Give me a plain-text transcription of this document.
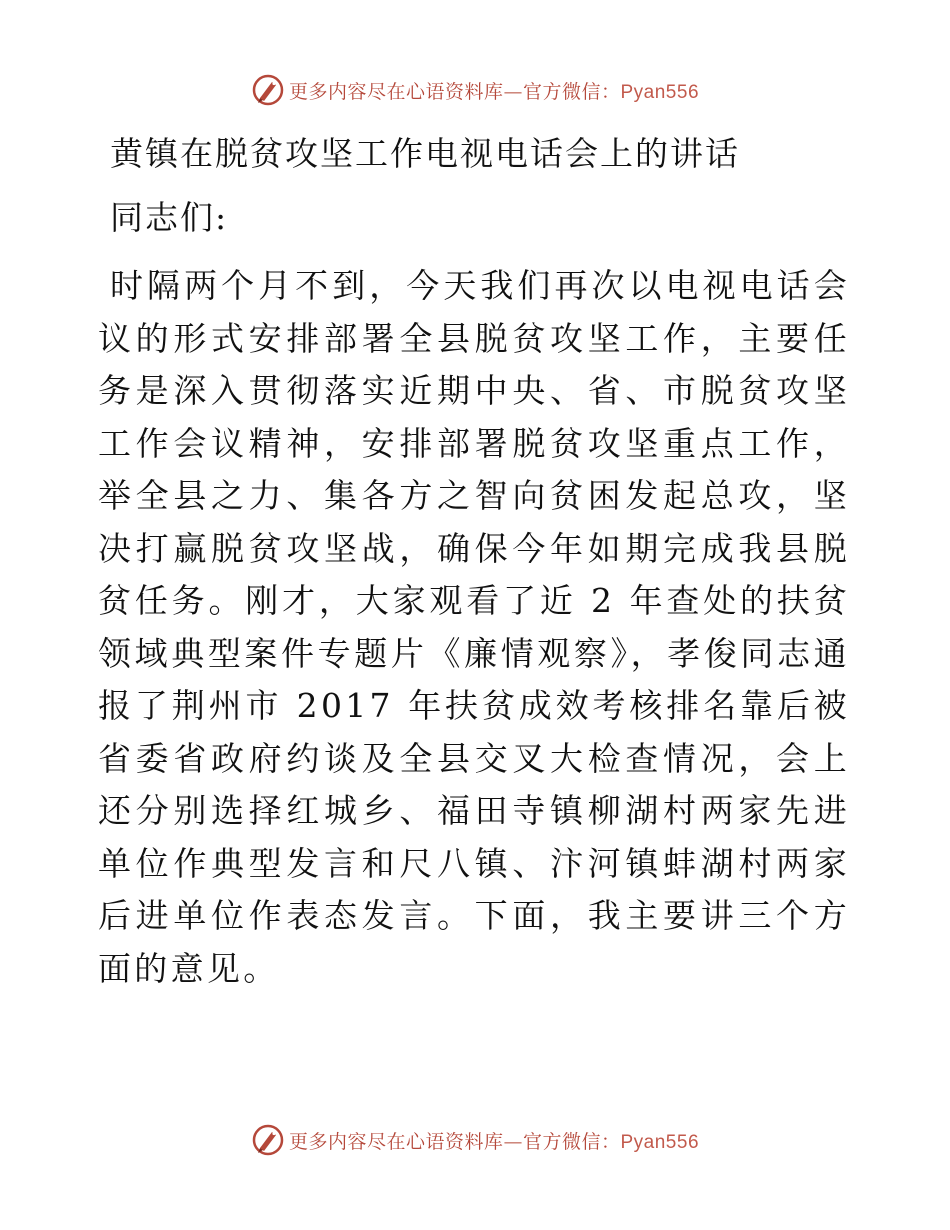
更多内容尽在心语资料库—官方微信：Pyan556
黄镇在脱贫攻坚工作电视电话会上的讲话
同志们:
时隔两个月不到，今天我们再次以电视电话会议的形式安排部署全县脱贫攻坚工作，主要任务是深入贯彻落实近期中央、省、市脱贫攻坚工作会议精神，安排部署脱贫攻坚重点工作，举全县之力、集各方之智向贫困发起总攻，坚决打赢脱贫攻坚战，确保今年如期完成我县脱贫任务。刚才，大家观看了近 2 年查处的扶贫领域典型案件专题片《廉情观察》，孝俊同志通报了荆州市 2017 年扶贫成效考核排名靠后被省委省政府约谈及全县交叉大检查情况，会上还分别选择红城乡、福田寺镇柳湖村两家先进单位作典型发言和尺八镇、汴河镇蚌湖村两家后进单位作表态发言。下面，我主要讲三个方面的意见。
更多内容尽在心语资料库—官方微信：Pyan556
